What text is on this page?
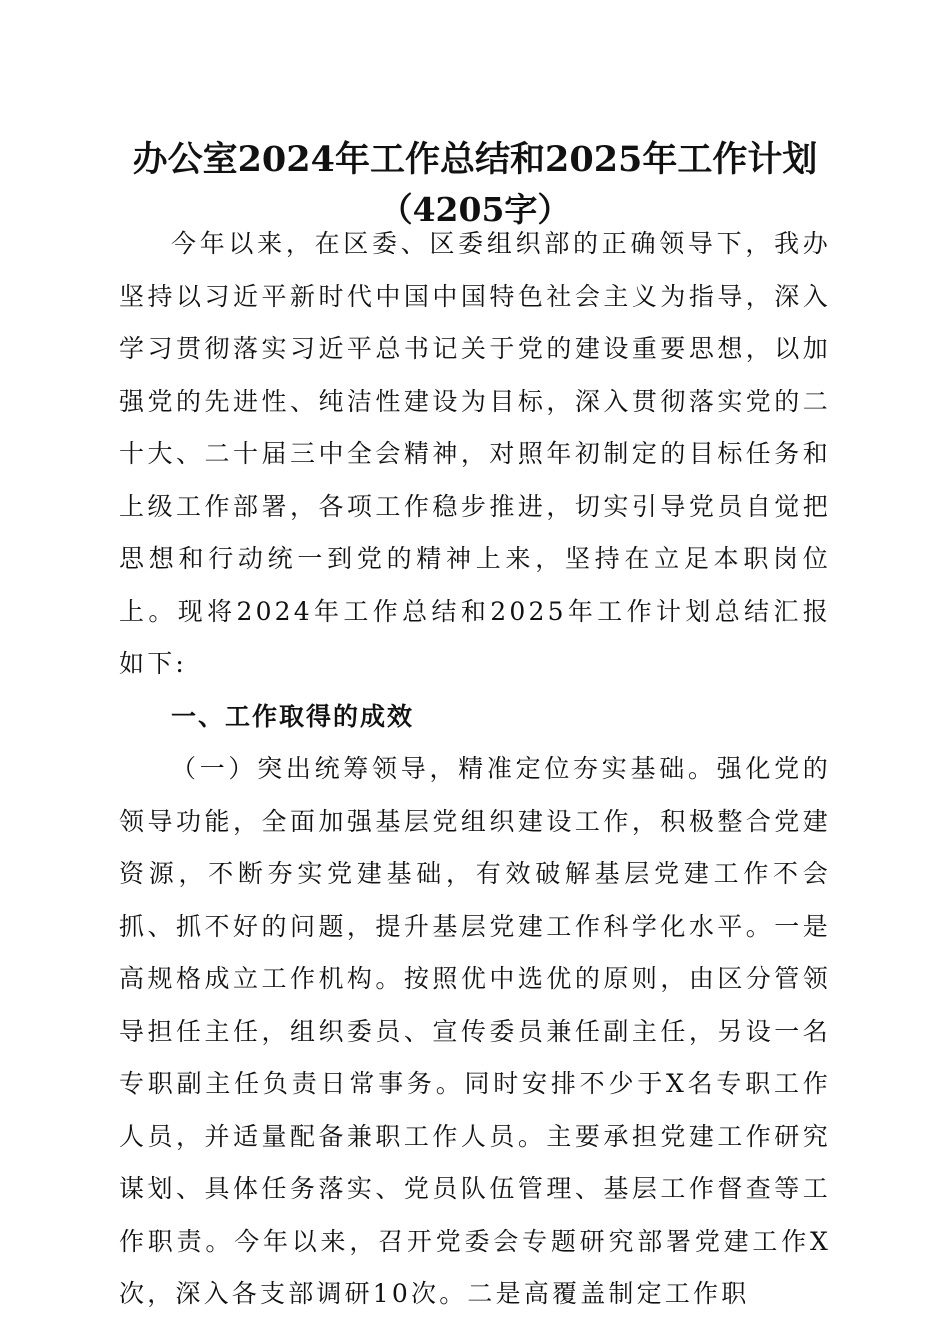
办公室2024年工作总结和2025年工作计划
（4205字）

今年以来，在区委、区委组织部的正确领导下，我办坚持以习近平新时代中国中国特色社会主义为指导，深入学习贯彻落实习近平总书记关于党的建设重要思想，以加强党的先进性、纯洁性建设为目标，深入贯彻落实党的二十大、二十届三中全会精神，对照年初制定的目标任务和上级工作部署，各项工作稳步推进，切实引导党员自觉把思想和行动统一到党的精神上来，坚持在立足本职岗位上。现将2024年工作总结和2025年工作计划总结汇报如下:

一、工作取得的成效

（一）突出统筹领导，精准定位夯实基础。强化党的领导功能，全面加强基层党组织建设工作，积极整合党建资源，不断夯实党建基础，有效破解基层党建工作不会抓、抓不好的问题，提升基层党建工作科学化水平。一是高规格成立工作机构。按照优中选优的原则，由区分管领导担任主任，组织委员、宣传委员兼任副主任，另设一名专职副主任负责日常事务。同时安排不少于X名专职工作人员，并适量配备兼职工作人员。主要承担党建工作研究谋划、具体任务落实、党员队伍管理、基层工作督查等工作职责。今年以来，召开党委会专题研究部署党建工作X次，深入各支部调研10次。二是高覆盖制定工作职
